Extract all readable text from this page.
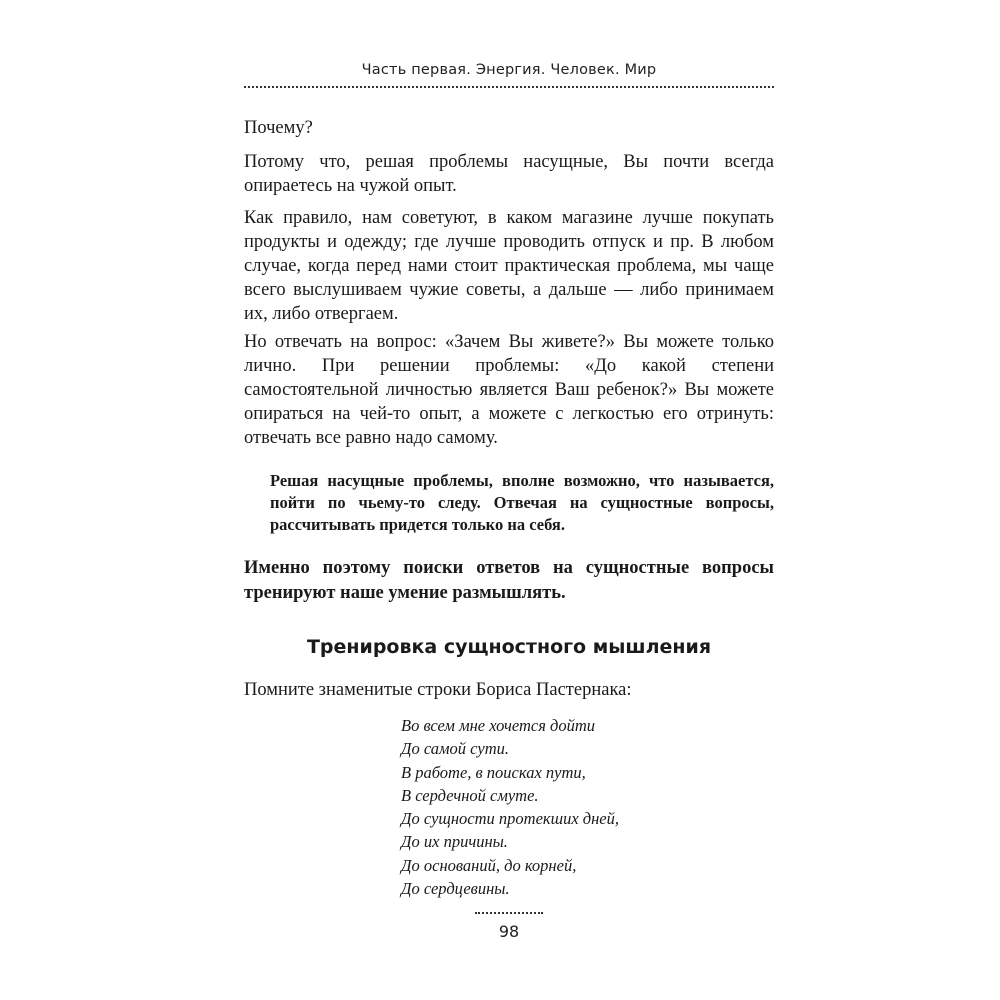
Часть первая. Энергия. Человек. Мир

Почему?

Потому что, решая проблемы насущные, Вы почти всегда опираетесь на чужой опыт.

Как правило, нам советуют, в каком магазине лучше покупать продукты и одежду; где лучше проводить отпуск и пр. В любом случае, когда перед нами стоит практическая проблема, мы чаще всего выслушиваем чужие советы, а дальше — либо принимаем их, либо отвергаем.

Но отвечать на вопрос: «Зачем Вы живете?» Вы можете только лично. При решении проблемы: «До какой степени самостоятельной личностью является Ваш ребенок?» Вы можете опираться на чей-то опыт, а можете с легкостью его отринуть: отвечать все равно надо самому.

Решая насущные проблемы, вполне возможно, что называется, пойти по чьему-то следу. Отвечая на сущностные вопросы, рассчитывать придется только на себя.

Именно поэтому поиски ответов на сущностные вопросы тренируют наше умение размышлять.

Тренировка сущностного мышления

Помните знаменитые строки Бориса Пастернака:

Во всем мне хочется дойти
До самой сути.
В работе, в поисках пути,
В сердечной смуте.
До сущности протекших дней,
До их причины.
До оснований, до корней,
До сердцевины.
98
